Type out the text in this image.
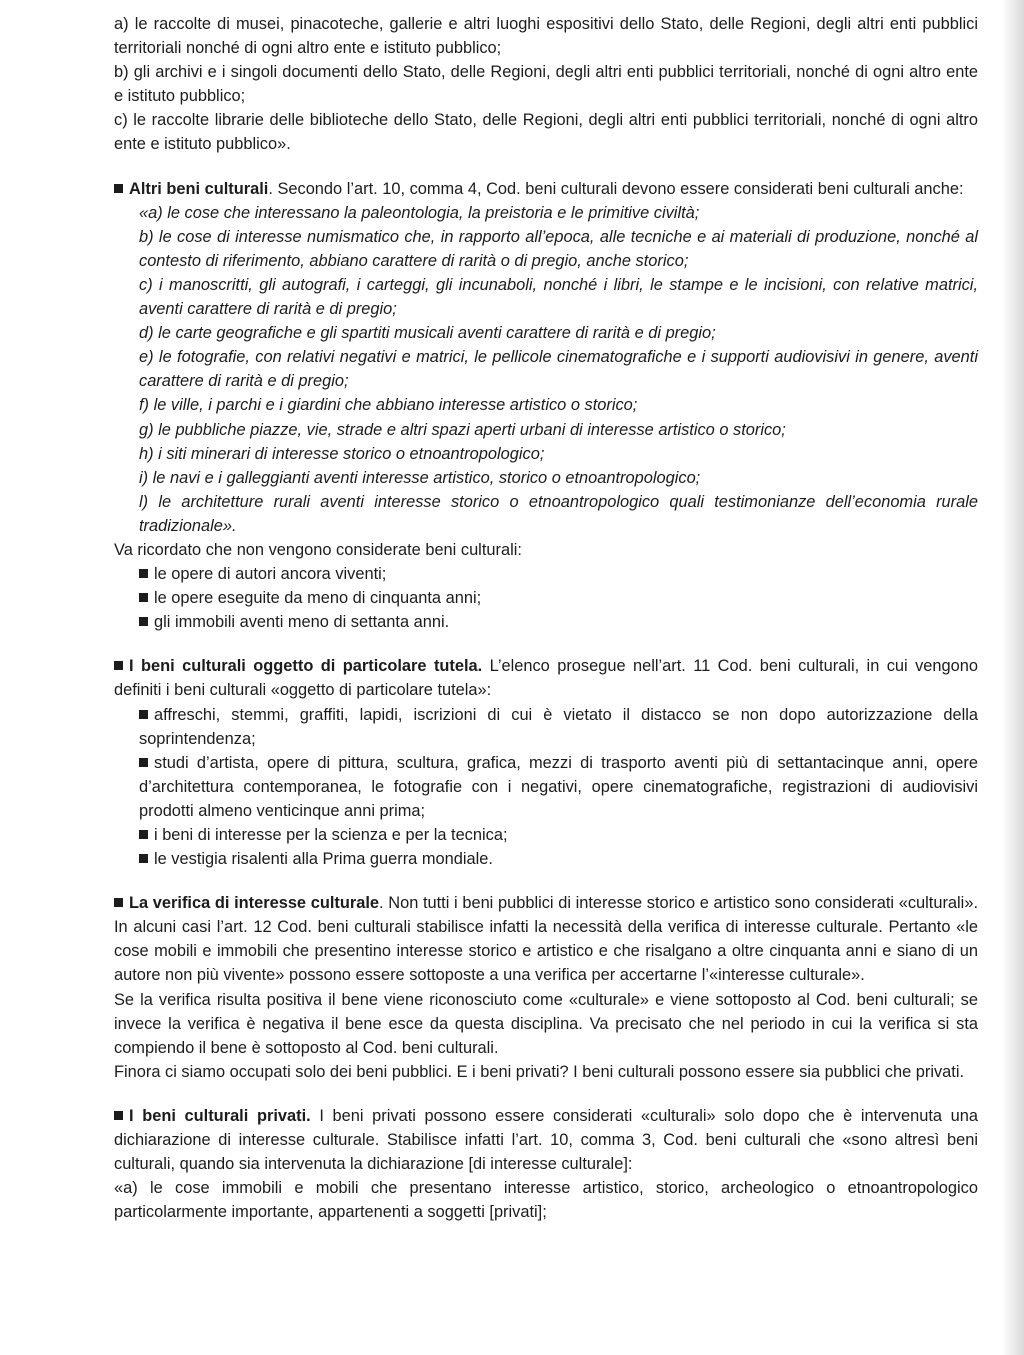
a) le raccolte di musei, pinacoteche, gallerie e altri luoghi espositivi dello Stato, delle Regioni, degli altri enti pubblici territoriali nonché di ogni altro ente e istituto pubblico;

b) gli archivi e i singoli documenti dello Stato, delle Regioni, degli altri enti pubblici territoriali, nonché di ogni altro ente e istituto pubblico;

c) le raccolte librarie delle biblioteche dello Stato, delle Regioni, degli altri enti pubblici territoriali, nonché di ogni altro ente e istituto pubblico».

Altri beni culturali. Secondo l’art. 10, comma 4, Cod. beni culturali devono essere considerati beni culturali anche:

«a) le cose che interessano la paleontologia, la preistoria e le primitive civiltà;

b) le cose di interesse numismatico che, in rapporto all’epoca, alle tecniche e ai materiali di produzione, nonché al contesto di riferimento, abbiano carattere di rarità o di pregio, anche storico;

c) i manoscritti, gli autografi, i carteggi, gli incunaboli, nonché i libri, le stampe e le incisioni, con relative matrici, aventi carattere di rarità e di pregio;

d) le carte geografiche e gli spartiti musicali aventi carattere di rarità e di pregio;

e) le fotografie, con relativi negativi e matrici, le pellicole cinematografiche e i supporti audiovisivi in genere, aventi carattere di rarità e di pregio;

f) le ville, i parchi e i giardini che abbiano interesse artistico o storico;

g) le pubbliche piazze, vie, strade e altri spazi aperti urbani di interesse artistico o storico;

h) i siti minerari di interesse storico o etnoantropologico;

i) le navi e i galleggianti aventi interesse artistico, storico o etnoantropologico;

l) le architetture rurali aventi interesse storico o etnoantropologico quali testimonianze dell’economia rurale tradizionale».

Va ricordato che non vengono considerate beni culturali:

le opere di autori ancora viventi;

le opere eseguite da meno di cinquanta anni;

gli immobili aventi meno di settanta anni.

I beni culturali oggetto di particolare tutela. L’elenco prosegue nell’art. 11 Cod. beni culturali, in cui vengono definiti i beni culturali «oggetto di particolare tutela»:

affreschi, stemmi, graffiti, lapidi, iscrizioni di cui è vietato il distacco se non dopo autorizzazione della soprintendenza;

studi d’artista, opere di pittura, scultura, grafica, mezzi di trasporto aventi più di settantacinque anni, opere d’architettura contemporanea, le fotografie con i negativi, opere cinematografiche, registrazioni di audiovisivi prodotti almeno venticinque anni prima;

i beni di interesse per la scienza e per la tecnica;

le vestigia risalenti alla Prima guerra mondiale.

La verifica di interesse culturale. Non tutti i beni pubblici di interesse storico e artistico sono considerati «culturali». In alcuni casi l’art. 12 Cod. beni culturali stabilisce infatti la necessità della verifica di interesse culturale. Pertanto «le cose mobili e immobili che presentino interesse storico e artistico e che risalgano a oltre cinquanta anni e siano di un autore non più vivente» possono essere sottoposte a una verifica per accertarne l’«interesse culturale».

Se la verifica risulta positiva il bene viene riconosciuto come «culturale» e viene sottoposto al Cod. beni culturali; se invece la verifica è negativa il bene esce da questa disciplina. Va precisato che nel periodo in cui la verifica si sta compiendo il bene è sottoposto al Cod. beni culturali.

Finora ci siamo occupati solo dei beni pubblici. E i beni privati? I beni culturali possono essere sia pubblici che privati.

I beni culturali privati. I beni privati possono essere considerati «culturali» solo dopo che è intervenuta una dichiarazione di interesse culturale. Stabilisce infatti l’art. 10, comma 3, Cod. beni culturali che «sono altresì beni culturali, quando sia intervenuta la dichiarazione [di interesse culturale]:

«a) le cose immobili e mobili che presentano interesse artistico, storico, archeologico o etnoantropologico particolarmente importante, appartenenti a soggetti [privati];
